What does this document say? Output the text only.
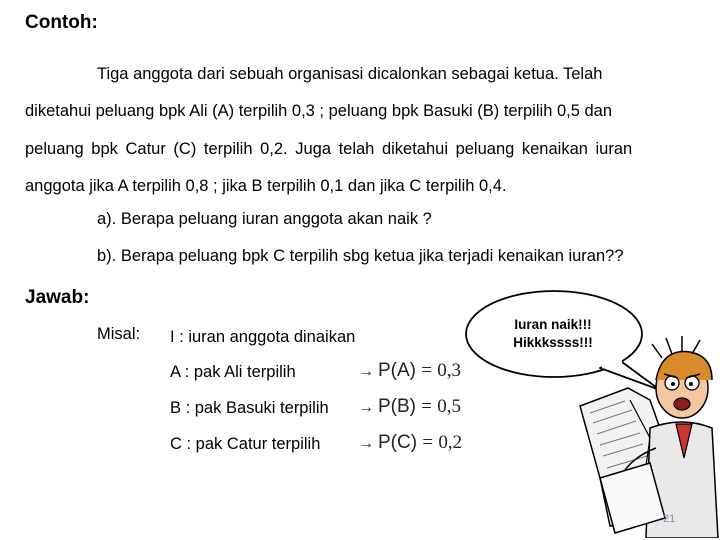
Contoh:
Tiga anggota dari sebuah organisasi dicalonkan sebagai ketua. Telah
diketahui peluang bpk Ali (A) terpilih 0,3 ; peluang bpk Basuki (B) terpilih 0,5 dan
peluang bpk Catur (C) terpilih 0,2. Juga telah diketahui peluang kenaikan iuran
anggota jika A terpilih 0,8 ; jika B terpilih 0,1 dan jika C terpilih 0,4.
a). Berapa peluang iuran anggota akan naik ?
b). Berapa peluang bpk C terpilih sbg ketua jika terjadi kenaikan iuran??
Jawab:
Misal: I : iuran anggota dinaikan
A : pak Ali terpilih	→ P(A) = 0,3
B : pak Basuki terpilih → P(B) = 0,5
C : pak Catur terpilih → P(C) = 0,2
21
Iuran naik!!!
Hikkkssss!!!
